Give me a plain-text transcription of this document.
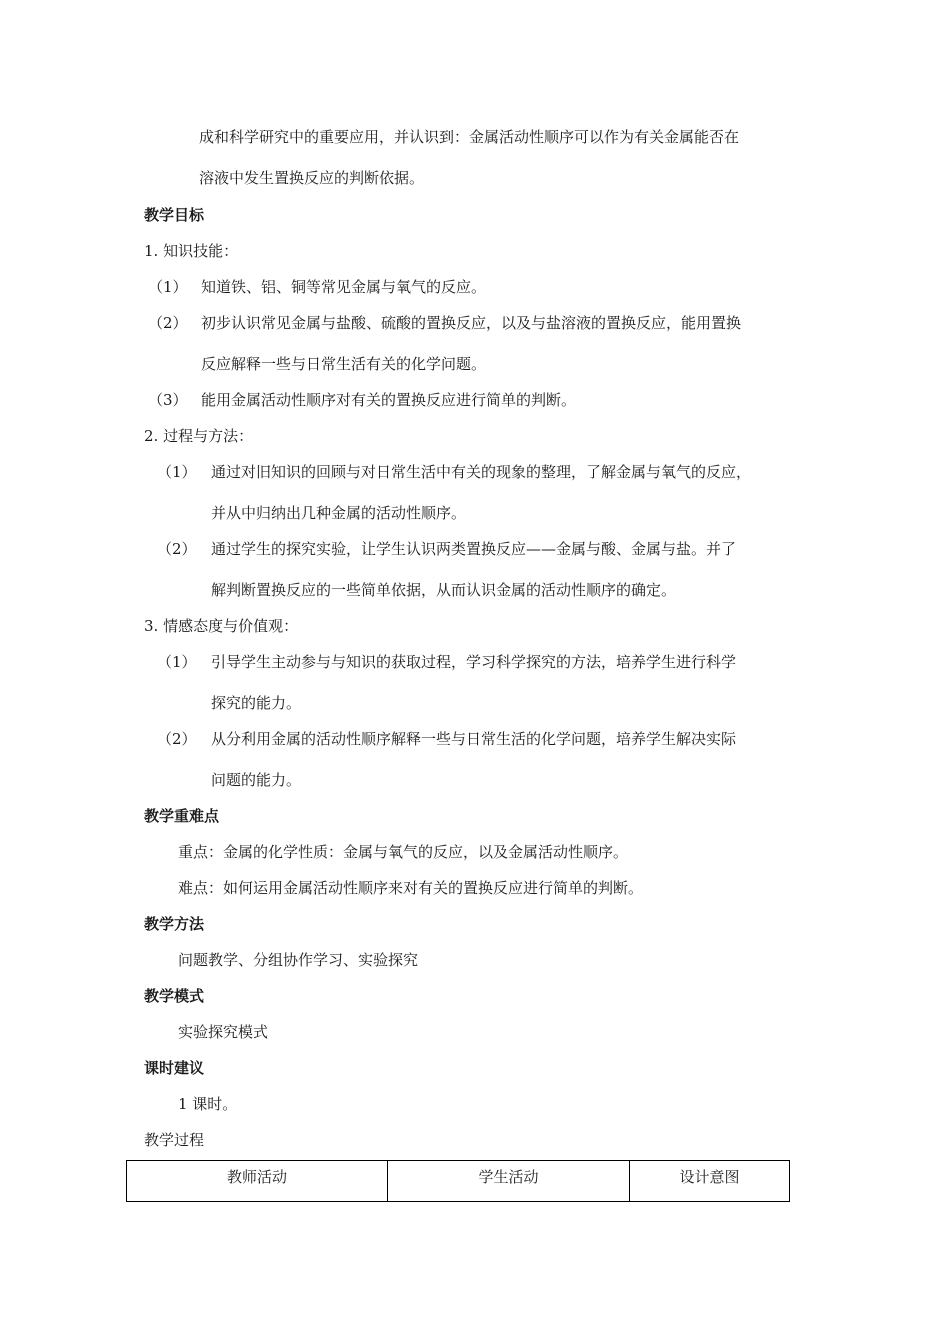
成和科学研究中的重要应用，并认识到：金属活动性顺序可以作为有关金属能否在
溶液中发生置换反应的判断依据。
教学目标
1. 知识技能：
（1） 知道铁、铝、铜等常见金属与氧气的反应。
（2） 初步认识常见金属与盐酸、硫酸的置换反应，以及与盐溶液的置换反应，能用置换
反应解释一些与日常生活有关的化学问题。
（3） 能用金属活动性顺序对有关的置换反应进行简单的判断。
2. 过程与方法：
（1） 通过对旧知识的回顾与对日常生活中有关的现象的整理，了解金属与氧气的反应，
并从中归纳出几种金属的活动性顺序。
（2） 通过学生的探究实验，让学生认识两类置换反应——金属与酸、金属与盐。并了
解判断置换反应的一些简单依据，从而认识金属的活动性顺序的确定。
3. 情感态度与价值观：
（1） 引导学生主动参与与知识的获取过程，学习科学探究的方法，培养学生进行科学
探究的能力。
（2） 从分利用金属的活动性顺序解释一些与日常生活的化学问题，培养学生解决实际
问题的能力。
教学重难点
重点：金属的化学性质：金属与氧气的反应，以及金属活动性顺序。
难点：如何运用金属活动性顺序来对有关的置换反应进行简单的判断。
教学方法
问题教学、分组协作学习、实验探究
教学模式
实验探究模式
课时建议
1 课时。
教学过程
教师活动	学生活动	设计意图
